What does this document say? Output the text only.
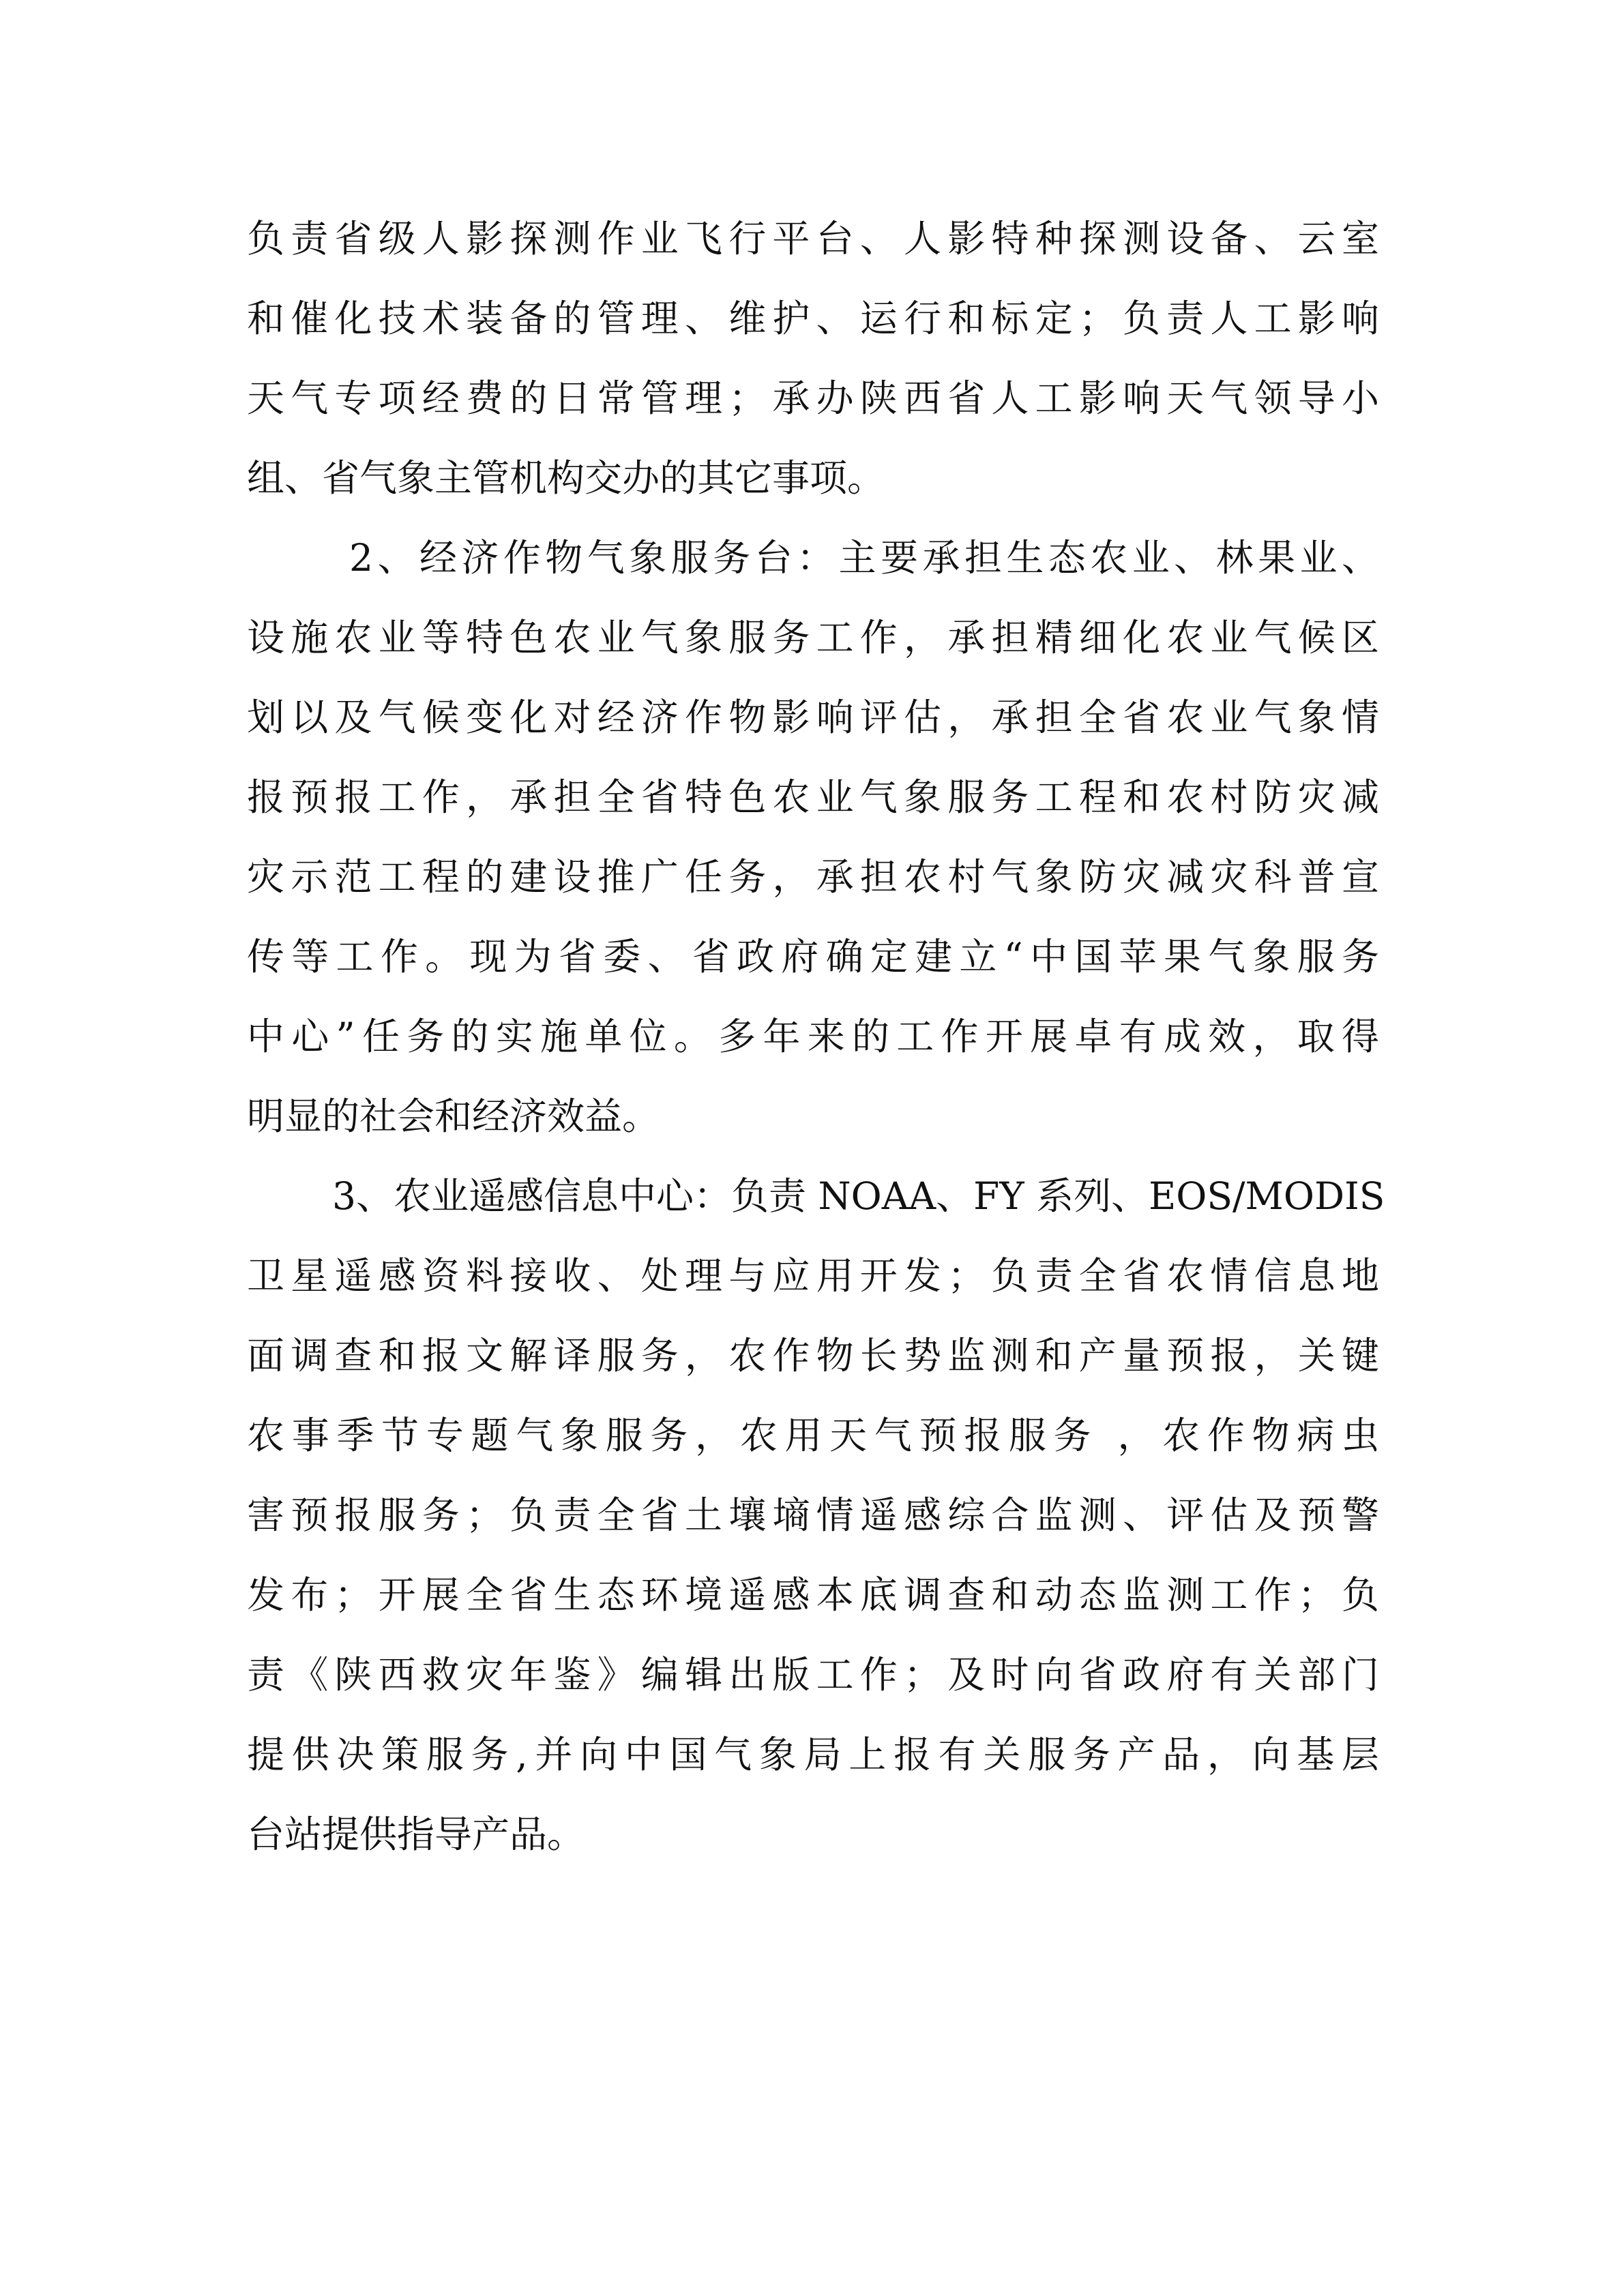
负责省级人影探测作业飞行平台、人影特种探测设备、云室
和催化技术装备的管理、维护、运行和标定；负责人工影响
天气专项经费的日常管理；承办陕西省人工影响天气领导小
组、省气象主管机构交办的其它事项。
2、经济作物气象服务台：主要承担生态农业、林果业、
设施农业等特色农业气象服务工作，承担精细化农业气候区
划以及气候变化对经济作物影响评估，承担全省农业气象情
报预报工作，承担全省特色农业气象服务工程和农村防灾减
灾示范工程的建设推广任务，承担农村气象防灾减灾科普宣
传等工作。现为省委、省政府确定建立“中国苹果气象服务
中心”任务的实施单位。多年来的工作开展卓有成效，取得
明显的社会和经济效益。
3、农业遥感信息中心：负责 NOAA、FY 系列、EOS/MODIS
卫星遥感资料接收、处理与应用开发；负责全省农情信息地
面调查和报文解译服务，农作物长势监测和产量预报，关键
农事季节专题气象服务，农用天气预报服务 ，农作物病虫
害预报服务；负责全省土壤墒情遥感综合监测、评估及预警
发布；开展全省生态环境遥感本底调查和动态监测工作；负
责《陕西救灾年鉴》编辑出版工作；及时向省政府有关部门
提供决策服务,并向中国气象局上报有关服务产品，向基层
台站提供指导产品。
